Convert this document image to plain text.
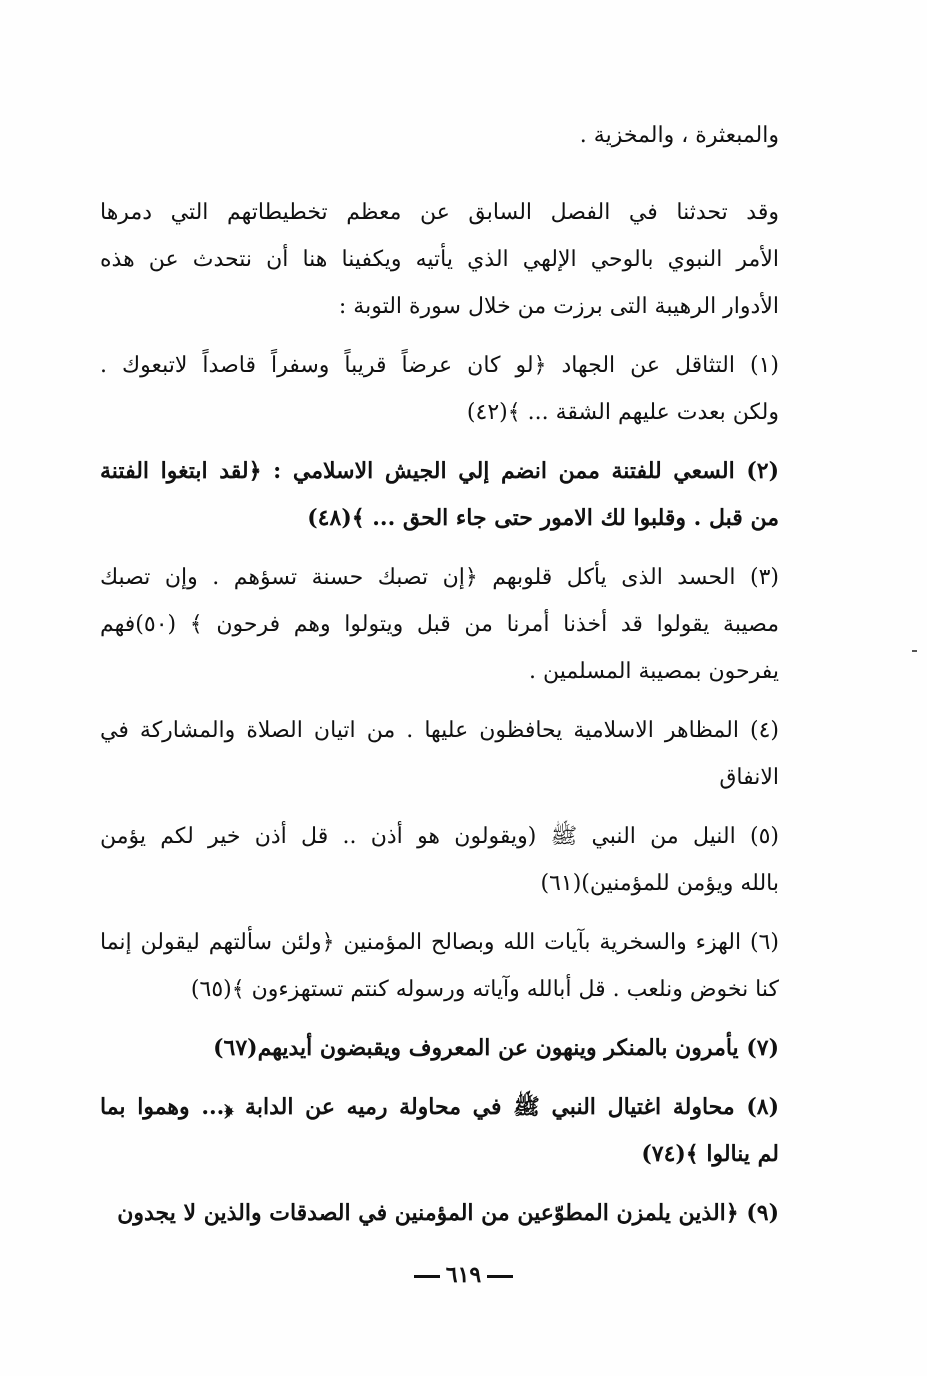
والمبعثرة ، والمخزية .
وقد تحدثنا في الفصل السابق عن معظم تخطيطاتهم التي دمرها
الأمر النبوي بالوحي الإلهي الذي يأتيه ويكفينا هنا أن نتحدث عن هذه
الأدوار الرهيبة التى برزت من خلال سورة التوبة :
(١) التثاقل عن الجهاد ﴿لو كان عرضاً قريباً وسفراً قاصداً لاتبعوك .
ولكن بعدت عليهم الشقة ... ﴾(٤٢)
(٢) السعي للفتنة ممن انضم إلي الجيش الاسلامي : ﴿لقد ابتغوا الفتنة
من قبل . وقلبوا لك الامور حتى جاء الحق ... ﴾(٤٨)
(٣) الحسد الذى يأكل قلوبهم ﴿إن تصبك حسنة تسؤهم . وإن تصبك
مصيبة يقولوا قد أخذنا أمرنا من قبل ويتولوا وهم فرحون ﴾ (٥٠)فهم
يفرحون بمصيبة المسلمين .
(٤) المظاهر الاسلامية يحافظون عليها . من اتيان الصلاة والمشاركة في
الانفاق
(٥) النيل من النبي ﷺ (ويقولون هو أذن .. قل أذن خير لكم يؤمن
بالله ويؤمن للمؤمنين)(٦١)
(٦) الهزء والسخرية بآيات الله وبصالح المؤمنين ﴿ولئن سألتهم ليقولن إنما
كنا نخوض ونلعب . قل أبالله وآياته ورسوله كنتم تستهزءون ﴾(٦٥)
(٧) يأمرون بالمنكر وينهون عن المعروف ويقبضون أيديهم(٦٧)
(٨) محاولة اغتيال النبي ﷺ في محاولة رميه عن الدابة ﴿... وهموا بما
لم ينالوا ﴾(٧٤)
(٩) ﴿الذين يلمزن المطوّعين من المؤمنين في الصدقات والذين لا يجدون
٦١٩
